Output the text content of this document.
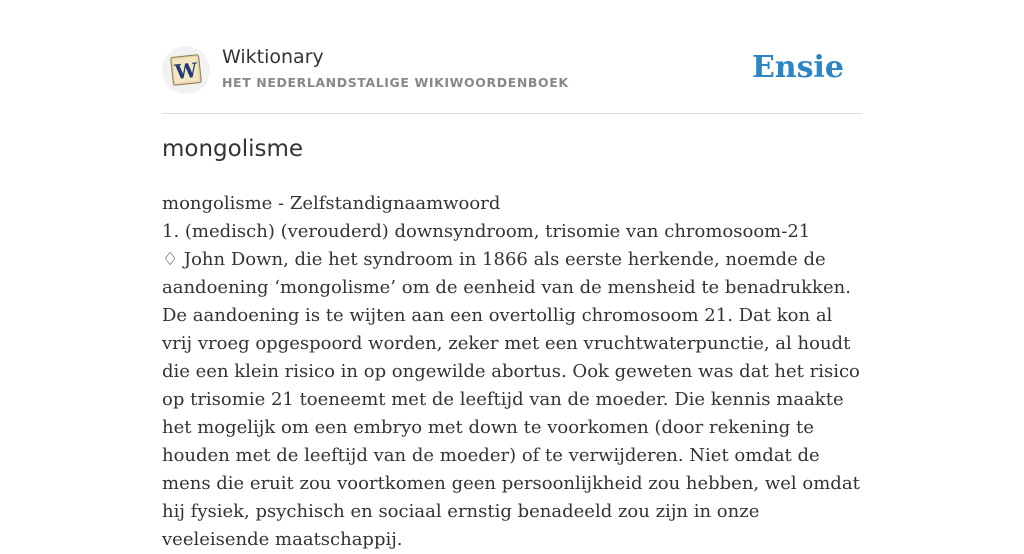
W
Wiktionary
HET NEDERLANDSTALIGE WIKIWOORDENBOEK	Ensie
mongolisme

mongolisme - Zelfstandignaamwoord

1. (medisch) (verouderd) downsyndroom, trisomie van chromosoom-21

♢ John Down, die het syndroom in 1866 als eerste herkende, noemde de aandoening ‘mongolisme’ om de eenheid van de mensheid te benadrukken. De aandoening is te wijten aan een overtollig chromosoom 21. Dat kon al vrij vroeg opgespoord worden, zeker met een vruchtwaterpunctie, al houdt die een klein risico in op ongewilde abortus. Ook geweten was dat het risico op trisomie 21 toeneemt met de leeftijd van de moeder. Die kennis maakte het mogelijk om een embryo met down te voorkomen (door rekening te houden met de leeftijd van de moeder) of te verwijderen. Niet omdat de mens die eruit zou voortkomen geen persoonlijkheid zou hebben, wel omdat hij fysiek, psychisch en sociaal ernstig benadeeld zou zijn in onze veeleisende maatschappij.
